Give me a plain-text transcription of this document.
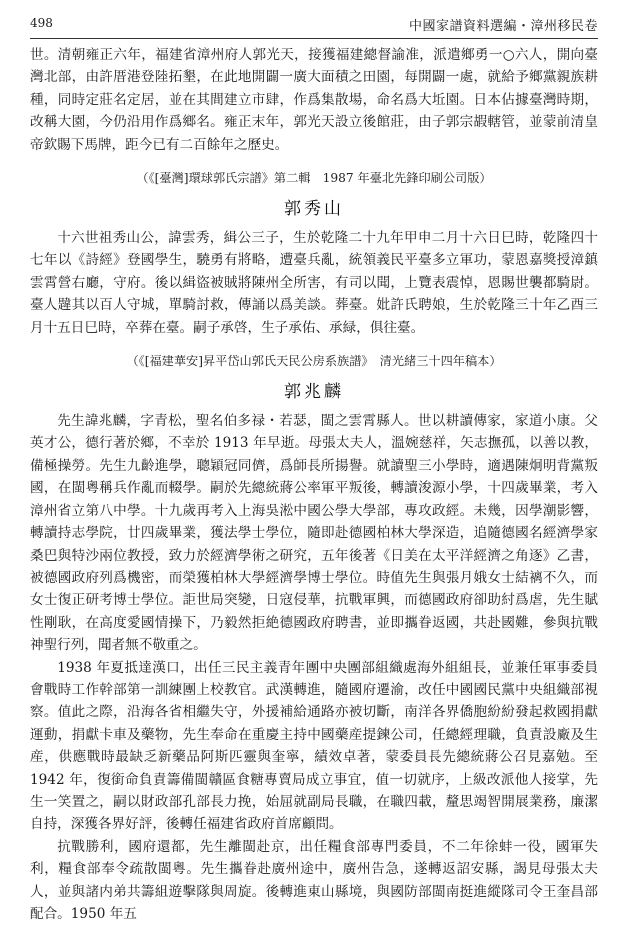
498	中國家譜資料選編・漳州移民卷

世。清朝雍正六年，福建省漳州府人郭光天，接獲福建總督諭准，派遣鄉勇一○六人，開向臺灣北部，由許厝港登陸拓墾，在此地開闢一廣大面積之田園，每開闢一處，就給予鄉黨親族耕種，同時定莊名定居，並在其間建立市肆，作爲集散場，命名爲大坵園。日本佔據臺灣時期，改稱大園，今仍沿用作爲鄉名。雍正末年，郭光天設立後館莊，由子郭宗嘏轄管，並蒙前清皇帝欽賜下馬牌，距今已有二百餘年之歷史。

（《[臺灣]環球郭氏宗譜》第二輯　1987 年臺北先鋒印刷公司版）
郭秀山

十六世祖秀山公，諱雲秀，緝公三子，生於乾隆二十九年甲申二月十六日巳時，乾隆四十七年以《詩經》登國學生，驍勇有將略，遭臺兵亂，統領義民平臺多立軍功，蒙恩嘉獎授漳鎮雲霄營右廳，守府。後以緝盜被賊將陳州全所害，有司以聞，上覽表震悼，恩賜世襲都騎尉。臺人韙其以百人守城，單騎討救，傳誦以爲美談。葬臺。妣許氏聘娘，生於乾隆三十年乙酉三月十五日巳時，卒葬在臺。嗣子承啓，生子承佑、承緑，俱往臺。

（《[福建華安]昇平岱山郭氏天民公房系族譜》　清光緒三十四年稿本）
郭兆麟

先生諱兆麟，字青松，聖名伯多禄・若瑟，閩之雲霄縣人。世以耕讀傳家，家道小康。父英才公，德行著於鄉，不幸於 1913 年早逝。母張太夫人，溫婉慈祥，矢志撫孤，以善以教，備極操勞。先生九齡進學，聰穎冠同儕，爲師長所揚譽。就讀聖三小學時，適遇陳炯明背黨叛國，在閩粵稱兵作亂而輟學。嗣於先總統蔣公率軍平叛後，轉讀浚源小學，十四歲畢業，考入漳州省立第八中學。十九歲再考入上海吳淞中國公學大學部，專攻政經。未幾，因學潮影響，轉讀持志學院，廿四歲畢業，獲法學士學位，隨即赴德國柏林大學深造，追隨德國名經濟學家桑巴與特沙兩位教授，致力於經濟學術之研究，五年後著《日美在太平洋經濟之角逐》乙書，被德國政府列爲機密，而榮獲柏林大學經濟學博士學位。時值先生與張月娥女士結褵不久，而女士復正研考博士學位。詎世局突變，日寇侵華，抗戰軍興，而德國政府卻助紂爲虐，先生賦性剛耿，在高度愛國情操下，乃毅然拒絶德國政府聘書，並即攜眷返國，共赴國難，參與抗戰神聖行列，聞者無不敬重之。

1938 年夏抵達漢口，出任三民主義青年團中央團部組織處海外組組長，並兼任軍事委員會戰時工作幹部第一訓練團上校教官。武漢轉進，隨國府遷渝，改任中國國民黨中央組織部視察。值此之際，沿海各省相繼失守，外援補給通路亦被切斷，南洋各界僑胞紛紛發起救國捐獻運動，捐獻卡車及藥物，先生奉命在重慶主持中國藥産提鍊公司，任總經理職，負責設廠及生産，供應戰時最缺乏新藥品阿斯匹靈與奎寧，績效卓著，蒙委員長先總統蔣公召見嘉勉。至 1942 年，復銜命負責籌備閩贛區食糖專賣局成立事宜，值一切就序，上級改派他人接掌，先生一笑置之，嗣以財政部孔部長力挽，始屈就副局長職，在職四載，釐思竭智開展業務，廉潔自持，深獲各界好評，後轉任福建省政府首席顧問。

抗戰勝利，國府還都，先生離閩赴京，出任糧食部專門委員，不二年徐蚌一役，國軍失利，糧食部奉令疏散閩粵。先生攜眷赴廣州途中，廣州告急，遂轉返詔安縣，謁見母張太夫人，並與諸内弟共籌組遊擊隊與周旋。後轉進東山縣境，與國防部閩南挺進縱隊司令王奎昌部配合。1950 年五
